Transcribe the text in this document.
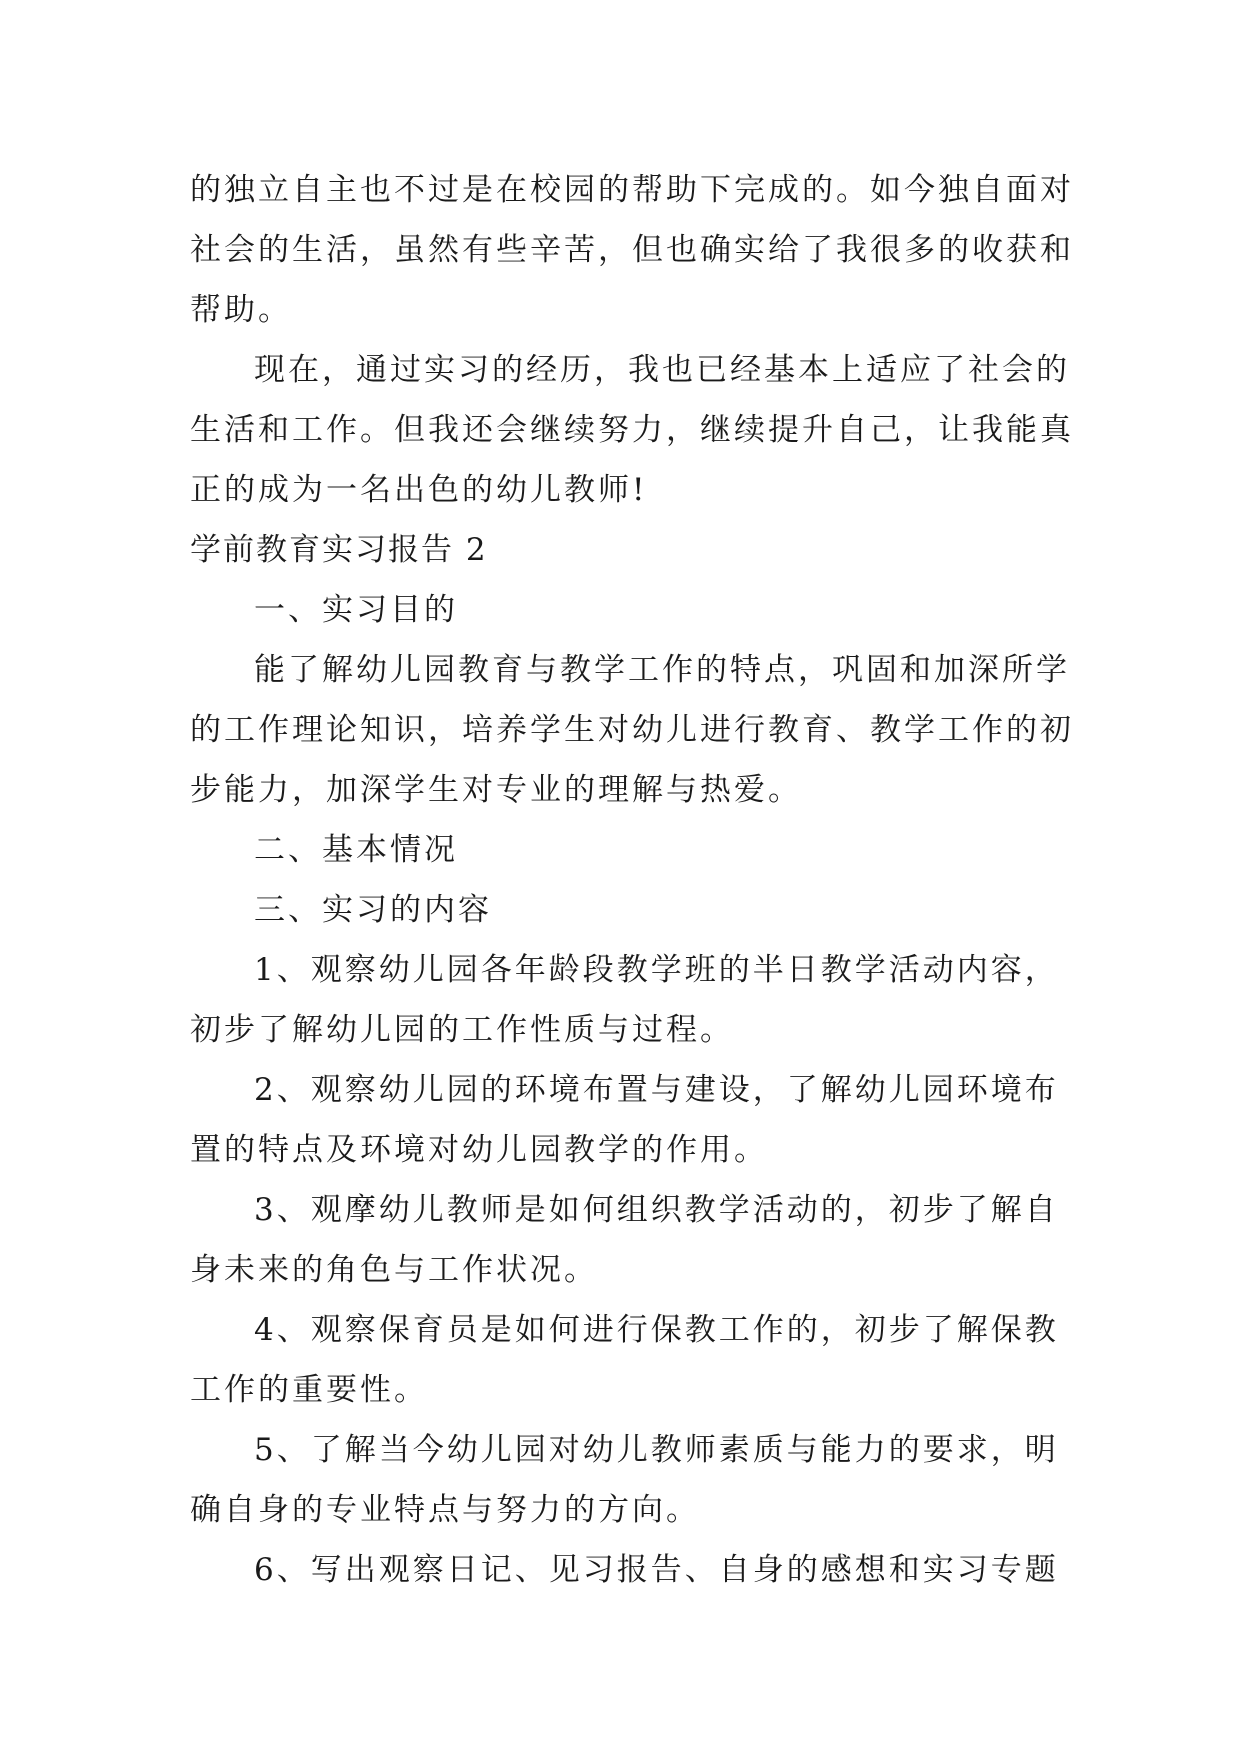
的独立自主也不过是在校园的帮助下完成的。如今独自面对
社会的生活，虽然有些辛苦，但也确实给了我很多的收获和
帮助。

现在，通过实习的经历，我也已经基本上适应了社会的
生活和工作。但我还会继续努力，继续提升自己，让我能真
正的成为一名出色的幼儿教师!

学前教育实习报告 2

一、实习目的

能了解幼儿园教育与教学工作的特点，巩固和加深所学
的工作理论知识，培养学生对幼儿进行教育、教学工作的初
步能力，加深学生对专业的理解与热爱。

二、基本情况

三、实习的内容

1、观察幼儿园各年龄段教学班的半日教学活动内容，
初步了解幼儿园的工作性质与过程。

2、观察幼儿园的环境布置与建设，了解幼儿园环境布
置的特点及环境对幼儿园教学的作用。

3、观摩幼儿教师是如何组织教学活动的，初步了解自
身未来的角色与工作状况。

4、观察保育员是如何进行保教工作的，初步了解保教
工作的重要性。

5、了解当今幼儿园对幼儿教师素质与能力的要求，明
确自身的专业特点与努力的方向。

6、写出观察日记、见习报告、自身的感想和实习专题
